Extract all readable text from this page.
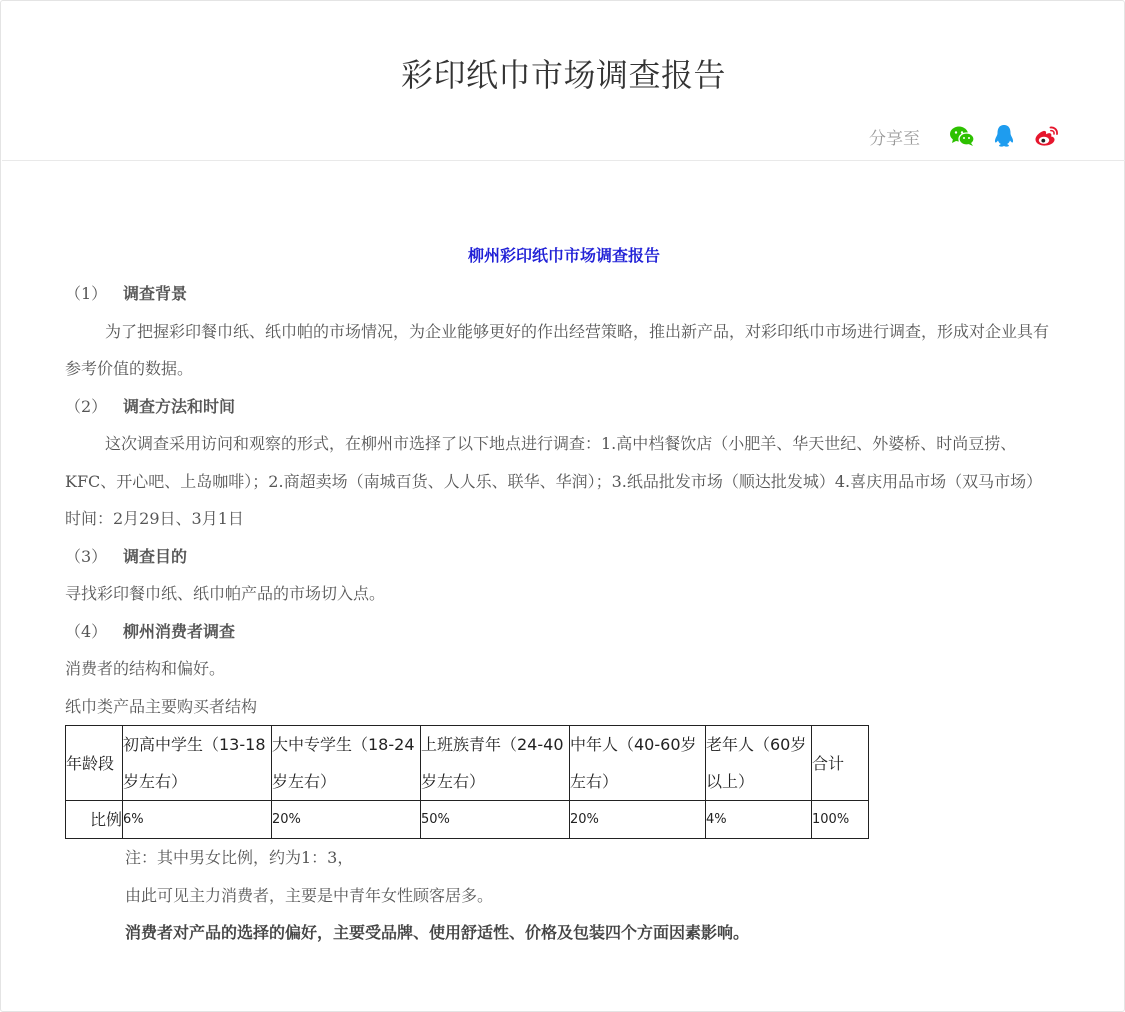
彩印纸巾市场调查报告
分享至
柳州彩印纸巾市场调查报告

（1） 调查背景

为了把握彩印餐巾纸、纸巾帕的市场情况，为企业能够更好的作出经营策略，推出新产品，对彩印纸巾市场进行调查，形成对企业具有参考价值的数据。

（2） 调查方法和时间

这次调查采用访问和观察的形式，在柳州市选择了以下地点进行调查：1.高中档餐饮店（小肥羊、华天世纪、外婆桥、时尚豆捞、KFC、开心吧、上岛咖啡）；2.商超卖场（南城百货、人人乐、联华、华润）；3.纸品批发市场（顺达批发城）4.喜庆用品市场（双马市场）

时间：2月29日、3月1日

（3） 调查目的

寻找彩印餐巾纸、纸巾帕产品的市场切入点。

（4） 柳州消费者调查

消费者的结构和偏好。

纸巾类产品主要购买者结构

年龄段	初高中学生（13-18岁左右）	大中专学生（18-24岁左右）	上班族青年（24-40岁左右）	中年人（40-60岁左右）	老年人（60岁以上）	合计
比例	6%	20%	50%	20%	4%	100%

注：其中男女比例，约为1：3，

由此可见主力消费者，主要是中青年女性顾客居多。

消费者对产品的选择的偏好，主要受品牌、使用舒适性、价格及包装四个方面因素影响。
